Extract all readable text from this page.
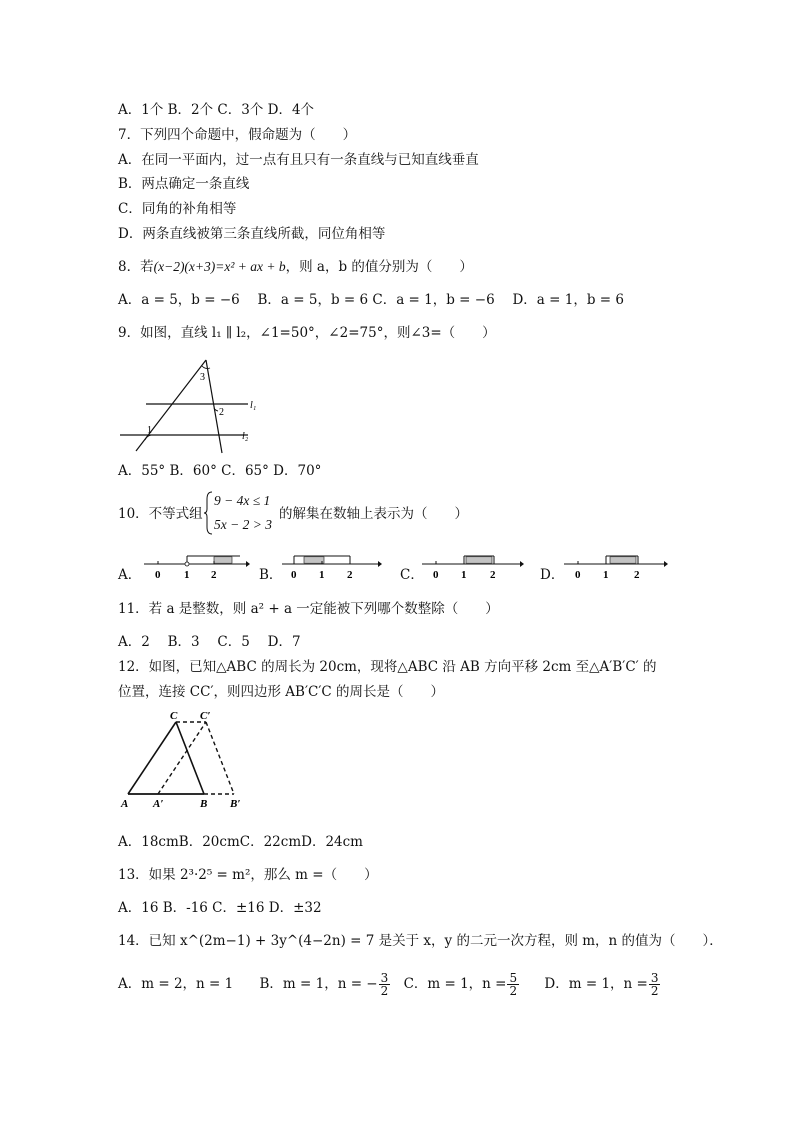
A．1个 B．2个 C．3个 D．4个
7．下列四个命题中，假命题为（　　）
A．在同一平面内，过一点有且只有一条直线与已知直线垂直
B．两点确定一条直线
C．同角的补角相等
D．两条直线被第三条直线所截，同位角相等
8．若(x−2)(x+3)=x² + ax + b，则 a，b 的值分别为（　　）
A．a = 5，b = −6　 B．a = 5，b = 6 C．a = 1，b = −6　 D．a = 1，b = 6
9．如图，直线 l₁ ∥ l₂，∠1=50°，∠2=75°，则∠3=（　　）
l₁
l₂
1
2
3
A．55° B．60° C．65° D．70°
10．不等式组
9 − 4x ≤ 1
5x − 2 > 3
的解集在数轴上表示为（　　）
A． 0 1 2	B． 0 1 2	C． 0 1 2	D． 0 1 2
11．若 a 是整数，则 a² + a 一定能被下列哪个数整除（　　）
A．2　 B．3　 C．5　 D．7
12．如图，已知△ABC 的周长为 20cm，现将△ABC 沿 AB 方向平移 2cm 至△A′B′C′ 的
位置，连接 CC′，则四边形 AB′C′C 的周长是（　　）
A A′	B B′
C C′
A．18cmB．20cmC．22cmD．24cm
13．如果 2³·2⁵ = m²，那么 m =（　　）
A．16 B．-16 C．±16 D．±32
14．已知 x^(2m−1) + 3y^(4−2n) = 7 是关于 x，y 的二元一次方程，则 m，n 的值为（　　）．
A．m = 2，n = 1 B．m = 1，n = − $\frac{3}{2}$ C．m = 1，$n = \frac{5}{2}$ D．m = 1，$n = \frac{3}{2}$
